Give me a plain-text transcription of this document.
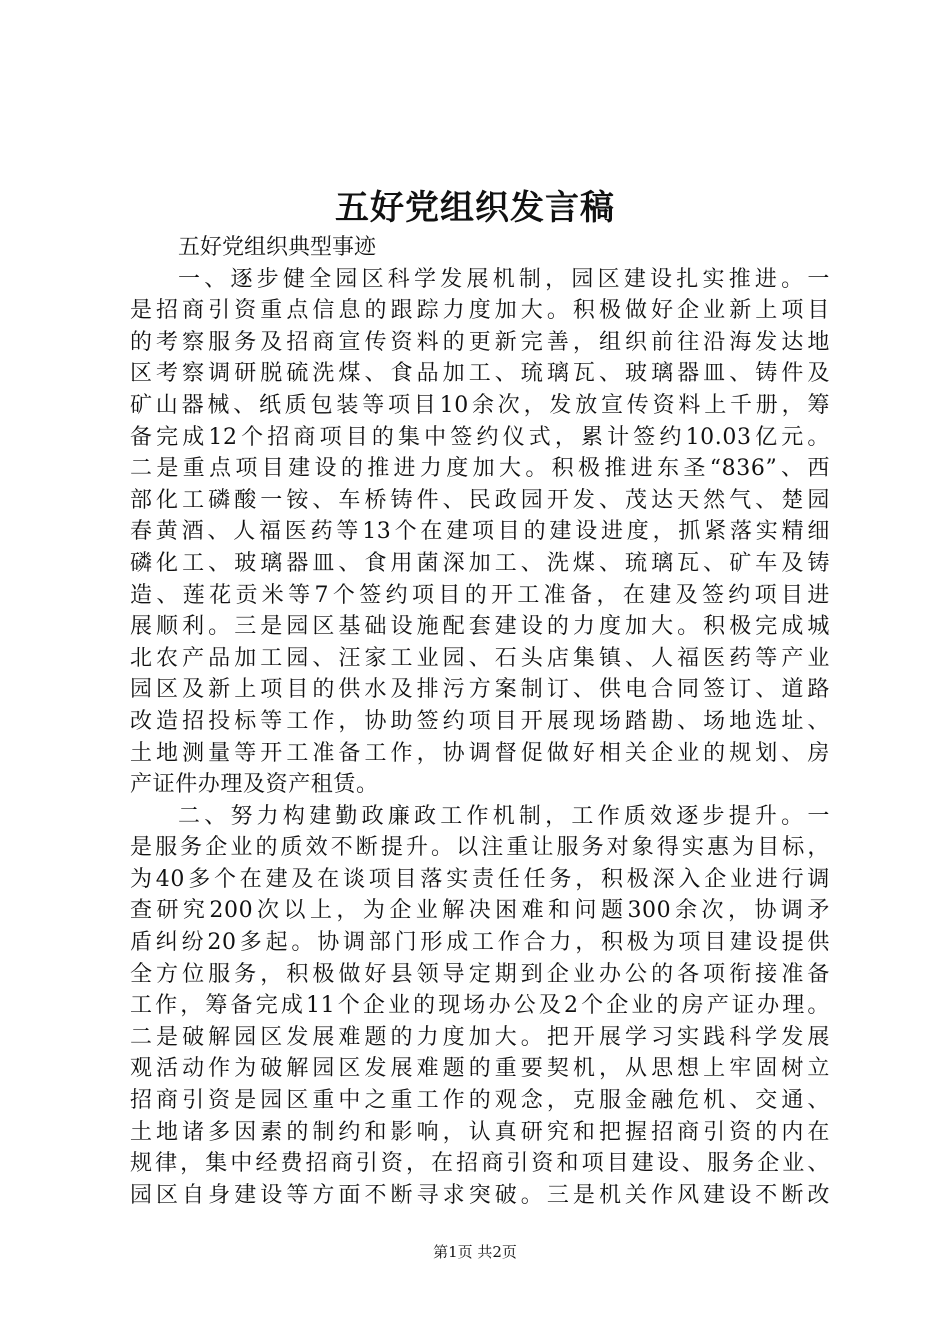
五好党组织发言稿

五好党组织典型事迹

一、逐步健全园区科学发展机制，园区建设扎实推进。一
是招商引资重点信息的跟踪力度加大。积极做好企业新上项目
的考察服务及招商宣传资料的更新完善，组织前往沿海发达地
区考察调研脱硫洗煤、食品加工、琉璃瓦、玻璃器皿、铸件及
矿山器械、纸质包装等项目10余次，发放宣传资料上千册，筹
备完成12个招商项目的集中签约仪式，累计签约10.03亿元。
二是重点项目建设的推进力度加大。积极推进东圣“836”、西
部化工磷酸一铵、车桥铸件、民政园开发、茂达天然气、楚园
春黄酒、人福医药等13个在建项目的建设进度，抓紧落实精细
磷化工、玻璃器皿、食用菌深加工、洗煤、琉璃瓦、矿车及铸
造、莲花贡米等7个签约项目的开工准备，在建及签约项目进
展顺利。三是园区基础设施配套建设的力度加大。积极完成城
北农产品加工园、汪家工业园、石头店集镇、人福医药等产业
园区及新上项目的供水及排污方案制订、供电合同签订、道路
改造招投标等工作，协助签约项目开展现场踏勘、场地选址、
土地测量等开工准备工作，协调督促做好相关企业的规划、房
产证件办理及资产租赁。
二、努力构建勤政廉政工作机制，工作质效逐步提升。一
是服务企业的质效不断提升。以注重让服务对象得实惠为目标，
为40多个在建及在谈项目落实责任任务，积极深入企业进行调
查研究200次以上，为企业解决困难和问题300余次，协调矛
盾纠纷20多起。协调部门形成工作合力，积极为项目建设提供
全方位服务，积极做好县领导定期到企业办公的各项衔接准备
工作，筹备完成11个企业的现场办公及2个企业的房产证办理。
二是破解园区发展难题的力度加大。把开展学习实践科学发展
观活动作为破解园区发展难题的重要契机，从思想上牢固树立
招商引资是园区重中之重工作的观念，克服金融危机、交通、
土地诸多因素的制约和影响，认真研究和把握招商引资的内在
规律，集中经费招商引资，在招商引资和项目建设、服务企业、
园区自身建设等方面不断寻求突破。三是机关作风建设不断改

第1页 共2页
